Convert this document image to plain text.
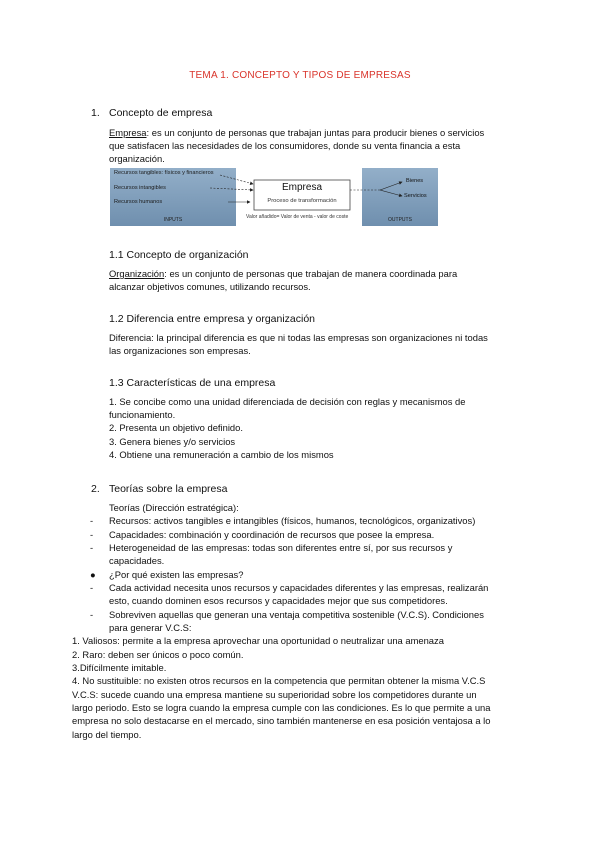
TEMA 1. CONCEPTO Y TIPOS DE EMPRESAS
1. Concepto de empresa
Empresa: es un conjunto de personas que trabajan juntas para producir bienes o servicios
que satisfacen las necesidades de los consumidores, donde su venta financia a esta
organización.
Recursos tangibles: físicos y financieros
Recursos intangibles
Recursos humanos
INPUTS
Empresa
Proceso de transformación
Valor añadido= Valor de venta - valor de coste
Bienes
Servicios
OUTPUTS
1.1 Concepto de organización
Organización: es un conjunto de personas que trabajan de manera coordinada para
alcanzar objetivos comunes, utilizando recursos.
1.2 Diferencia entre empresa y organización
Diferencia: la principal diferencia es que ni todas las empresas son organizaciones ni todas
las organizaciones son empresas.
1.3 Características de una empresa
1. Se concibe como una unidad diferenciada de decisión con reglas y mecanismos de
funcionamiento.
2. Presenta un objetivo definido.
3. Genera bienes y/o servicios
4. Obtiene una remuneración a cambio de los mismos
2. Teorías sobre la empresa
Teorías (Dirección estratégica):
- Recursos: activos tangibles e intangibles (físicos, humanos, tecnológicos, organizativos)
- Capacidades: combinación y coordinación de recursos que posee la empresa.
- Heterogeneidad de las empresas: todas son diferentes entre sí, por sus recursos y
capacidades.
● ¿Por qué existen las empresas?
- Cada actividad necesita unos recursos y capacidades diferentes y las empresas, realizarán
esto, cuando dominen esos recursos y capacidades mejor que sus competidores.
- Sobreviven aquellas que generan una ventaja competitiva sostenible (V.C.S). Condiciones
para generar V.C.S:
1. Valiosos: permite a la empresa aprovechar una oportunidad o neutralizar una amenaza
2. Raro: deben ser únicos o poco común.
3.Difícilmente imitable.
4. No sustituible: no existen otros recursos en la competencia que permitan obtener la misma V.C.S
V.C.S: sucede cuando una empresa mantiene su superioridad sobre los competidores durante un
largo periodo. Esto se logra cuando la empresa cumple con las condiciones. Es lo que permite a una
empresa no solo destacarse en el mercado, sino también mantenerse en esa posición ventajosa a lo
largo del tiempo.
